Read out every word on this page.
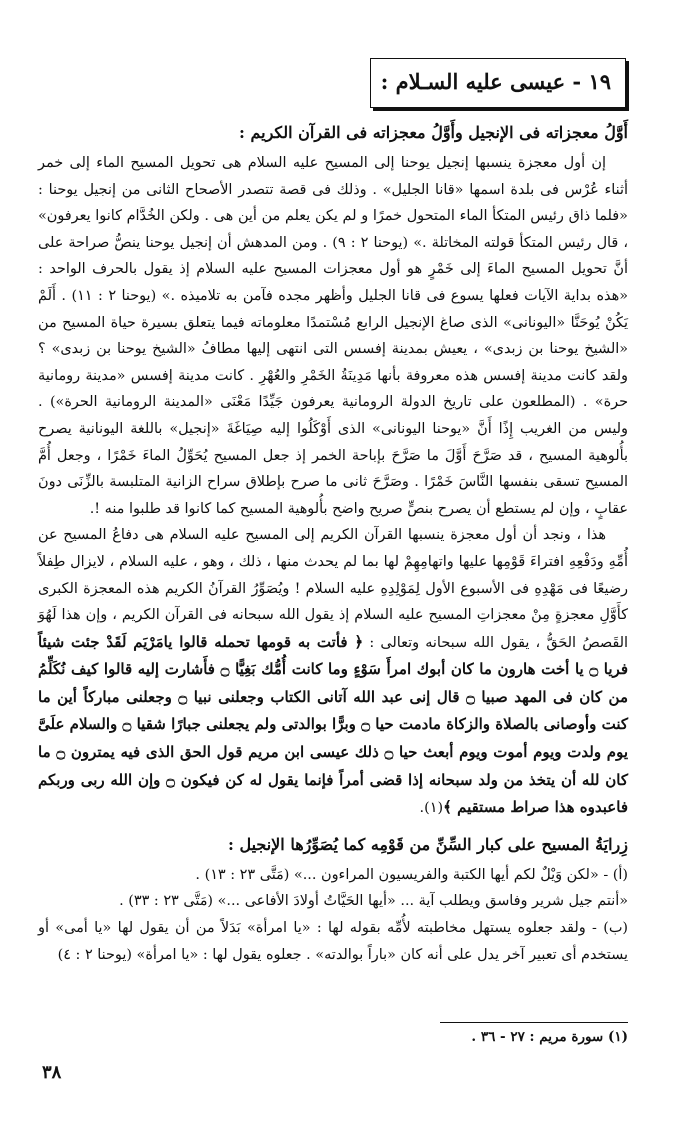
١٩ - عيسى عليه السـلام :

أَوَّلُ معجزاته فى الإنجيل وأَوَّلُ معجزاته فى القرآن الكريم :

إن أول معجزة ينسبها إنجيل يوحنا إلى المسيح عليه السلام هى تحويل المسيح الماء إلى خمر أثناء عُرْس فى بلدة اسمها «قانا الجليل» . وذلك فى قصة تتصدر الأصحاح الثانى من إنجيل يوحنا : «فلما ذاق رئيس المتكأ الماء المتحول خمرًا و لم يكن يعلم من أين هى . ولكن الخُدَّام كانوا يعرفون» ، قال رئيس المتكأ قولته المخاتلة .» (يوحنا ٢ : ٩) . ومن المدهش أن إنجيل يوحنا ينصُّ صراحة على أنَّ تحويل المسيح الماءَ إلى خَمْرٍ هو أول معجزات المسيح عليه السلام إذ يقول بالحرف الواحد : «هذه بداية الآيات فعلها يسوع فى قانا الجليل وأظهر مجده فآمن به تلاميذه .» (يوحنا ٢ : ١١) . أَلَمْ يَكُنْ يُوحَنَّا «اليونانى» الذى صاغ الإنجيل الرابع مُسْتمدًا معلوماته فيما يتعلق بسيرة حياة المسيح من «الشيخ يوحنا بن زبدى» ، يعيش بمدينة إفسس التى انتهى إليها مطافُ «الشيخ يوحنا بن زبدى» ؟ ولقد كانت مدينة إفسس هذه معروفة بأنها مَدِينَةُ الخَمْرِ والعُهْرِ . كانت مدينة إفسس «مدينة رومانية حرة» . (المطلعون على تاريخ الدولة الرومانية يعرفون جَيِّدًا مَعْنَى «المدينة الرومانية الحرة») . وليس من الغريب إِذًا أَنَّ «يوحنا اليونانى» الذى أَوْكَلُوا إليه صِيَاغَةَ «إنجيل» باللغة اليونانية يصرح بأُلوهية المسيح ، قد صَرَّحَ أَوَّلَ ما صَرَّحَ بإباحة الخمر إذ جعل المسيح يُحَوِّلُ الماءَ خَمْرًا ، وجعل أُمَّ المسيح تسقى بنفسها النَّاسَ خَمْرًا . وصَرَّحَ ثانى ما صرح بإطلاق سراح الزانية المتلبسة بالزِّنَى دونَ عقابٍ ، وإن لم يستطع أن يصرح بنصٍّ صريح واضح بأُلوهية المسيح كما كانوا قد طلبوا منه !.

هذا ، ونجد أن أول معجزة ينسبها القرآن الكريم إلى المسيح عليه السلام هى دفاعُ المسيح عن أُمِّهِ ودَفْعِهِ افتراءَ قَوْمِها عليها واتهامِهِمْ لها بما لم يحدث منها ، ذلك ، وهو ، عليه السلام ، لايزال طِفلاً رضيعًا فى مَهْدِهِ فى الأسبوع الأول لِمَوْلِدِهِ عليه السلام ! ويُصَوِّرُ القرآنُ الكريم هذه المعجزة الكبرى كأَوَّلِ معجزةٍ مِنْ معجزاتِ المسيح عليه السلام إذ يقول الله سبحانه فى القرآن الكريم ، وإن هذا لَهُوَ القَصصُ الحَقُّ ، يقول الله سبحانه وتعالى : ﴿ فأتت به قومها تحمله قالوا يامَرْيَم لَقَدْ جئت شيئاً فريا ۝ يا أخت هارون ما كان أبوك امرأَ سَوْءٍ وما كانت أُمُّك بَغِيًّا ۝ فأَشارت إليه قالوا كيف نُكَلِّمُ من كان فى المهد صبيا ۝ قال إنى عبد الله آتانى الكتاب وجعلنى نبيا ۝ وجعلنى مباركاً أين ما كنت وأوصانى بالصلاة والزكاة مادمت حيا ۝ وبرًّا بوالدتى ولم يجعلنى جبارًا شقيا ۝ والسلام علَىَّ يوم ولدت ويوم أموت ويوم أبعث حيا ۝ ذلك عيسى ابن مريم قول الحق الذى فيه يمترون ۝ ما كان لله أن يتخذ من ولد سبحانه إذا قضى أمراً فإنما يقول له كن فيكون ۝ وإن الله ربى وربكم فاعبدوه هذا صراط مستقيم ﴾(١).

زِرايَةُ المسيح على كبار السِّنِّ من قَوْمِه كما يُصَوِّرُها الإنجيل :

(أ) - «لكن وَيْلٌ لكم أيها الكتبة والفريسيون المراءون ...» (مَتَّى ٢٣ : ١٣) .

«أنتم جيل شرير وفاسق ويطلب آية ... «أيها الحَيَّاتُ أولادَ الأفاعى ...» (مَتَّى ٢٣ : ٣٣) .

(ب) - ولقد جعلوه يستهل مخاطبته لأُمِّه بقوله لها : «يا امرأة» بَدَلاً من أن يقول لها «يا أمى» أو يستخدم أى تعبير آخر يدل على أنه كان «باراً بوالدته» . جعلوه يقول لها : «يا امرأة» (يوحنا ٢ : ٤)

(١) سورة مريم : ٢٧ - ٣٦ .
٣٨
